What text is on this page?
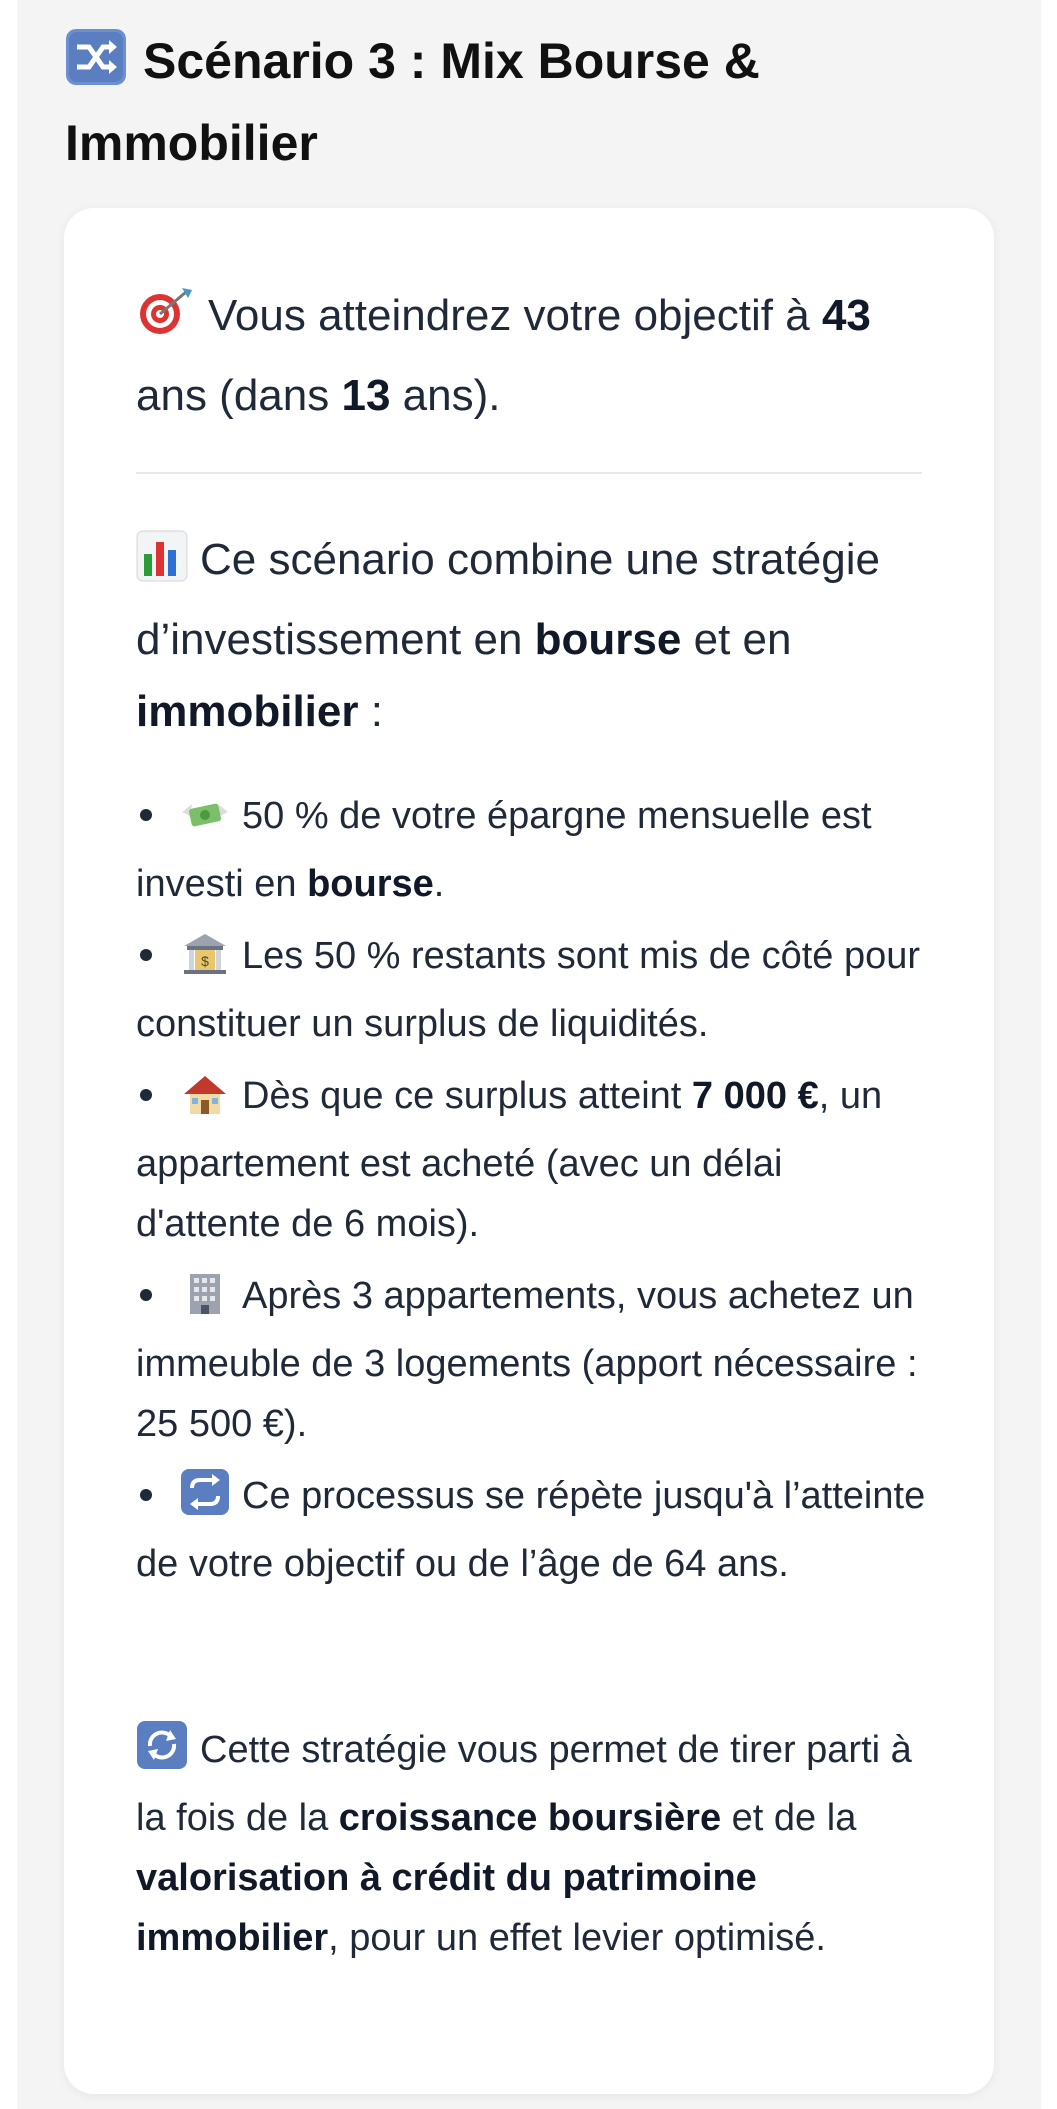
Scénario 3 : Mix Bourse & Immobilier
Vous atteindrez votre objectif à 43 ans (dans 13 ans).
Ce scénario combine une stratégie d’investissement en bourse et en immobilier :
50 % de votre épargne mensuelle est investi en bourse.
$ Les 50 % restants sont mis de côté pour constituer un surplus de liquidités.
Dès que ce surplus atteint 7 000 €, un appartement est acheté (avec un délai d'attente de 6 mois).
Après 3 appartements, vous achetez un immeuble de 3 logements (apport nécessaire : 25 500 €).
Ce processus se répète jusqu'à l’atteinte de votre objectif ou de l’âge de 64 ans.
Cette stratégie vous permet de tirer parti à la fois de la croissance boursière et de la valorisation à crédit du patrimoine immobilier, pour un effet levier optimisé.
